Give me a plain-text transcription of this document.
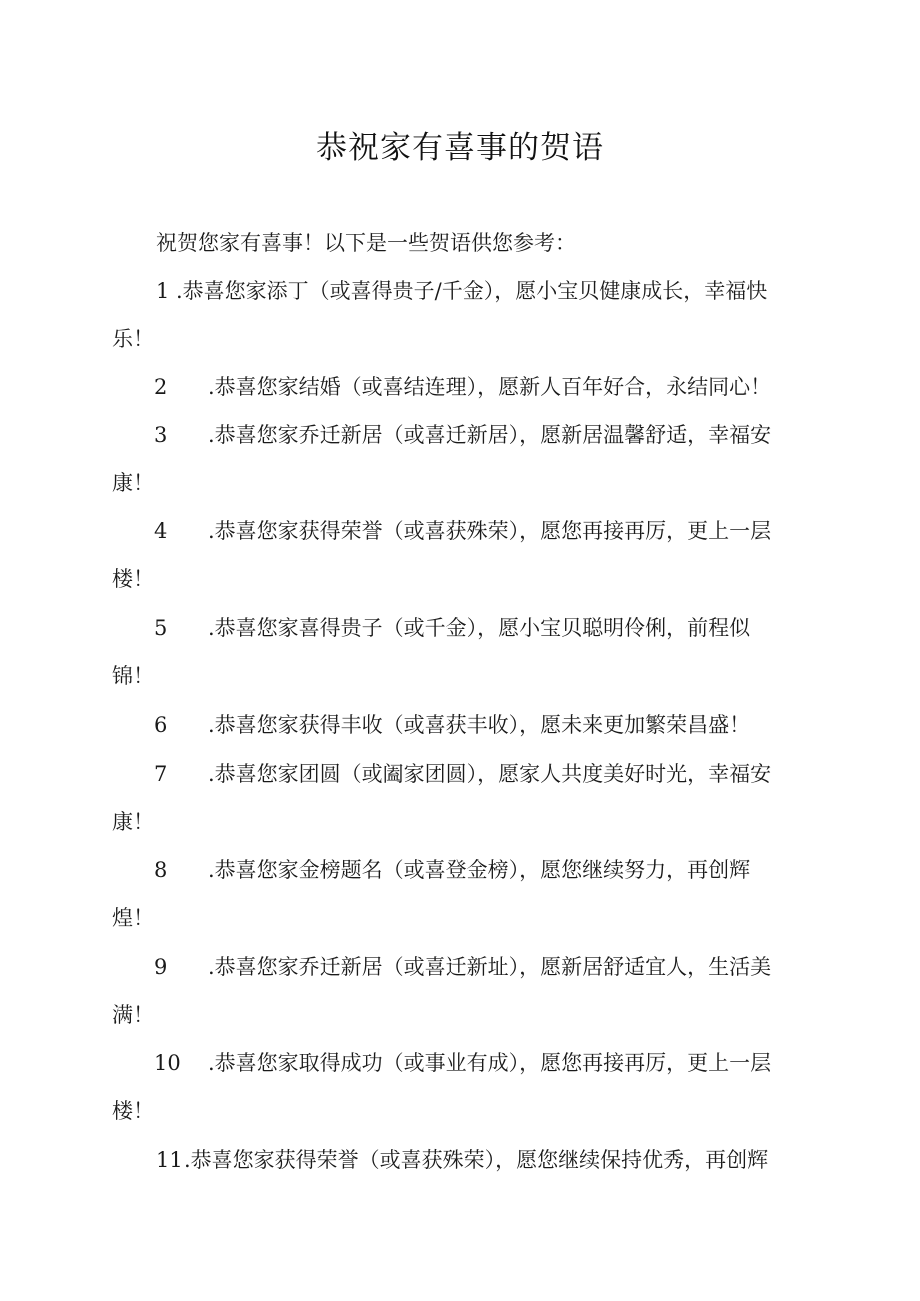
恭祝家有喜事的贺语
祝贺您家有喜事！以下是一些贺语供您参考：
1 .恭喜您家添丁（或喜得贵子/千金），愿小宝贝健康成长，幸福快
乐！
2 .恭喜您家结婚（或喜结连理），愿新人百年好合，永结同心！
3 .恭喜您家乔迁新居（或喜迁新居），愿新居温馨舒适，幸福安
康！
4 .恭喜您家获得荣誉（或喜获殊荣），愿您再接再厉，更上一层
楼！
5 .恭喜您家喜得贵子（或千金），愿小宝贝聪明伶俐，前程似
锦！
6 .恭喜您家获得丰收（或喜获丰收），愿未来更加繁荣昌盛！
7 .恭喜您家团圆（或阖家团圆），愿家人共度美好时光，幸福安
康！
8 .恭喜您家金榜题名（或喜登金榜），愿您继续努力，再创辉
煌！
9 .恭喜您家乔迁新居（或喜迁新址），愿新居舒适宜人，生活美
满！
10 .恭喜您家取得成功（或事业有成），愿您再接再厉，更上一层
楼！
11 .恭喜您家获得荣誉（或喜获殊荣），愿您继续保持优秀，再创辉
